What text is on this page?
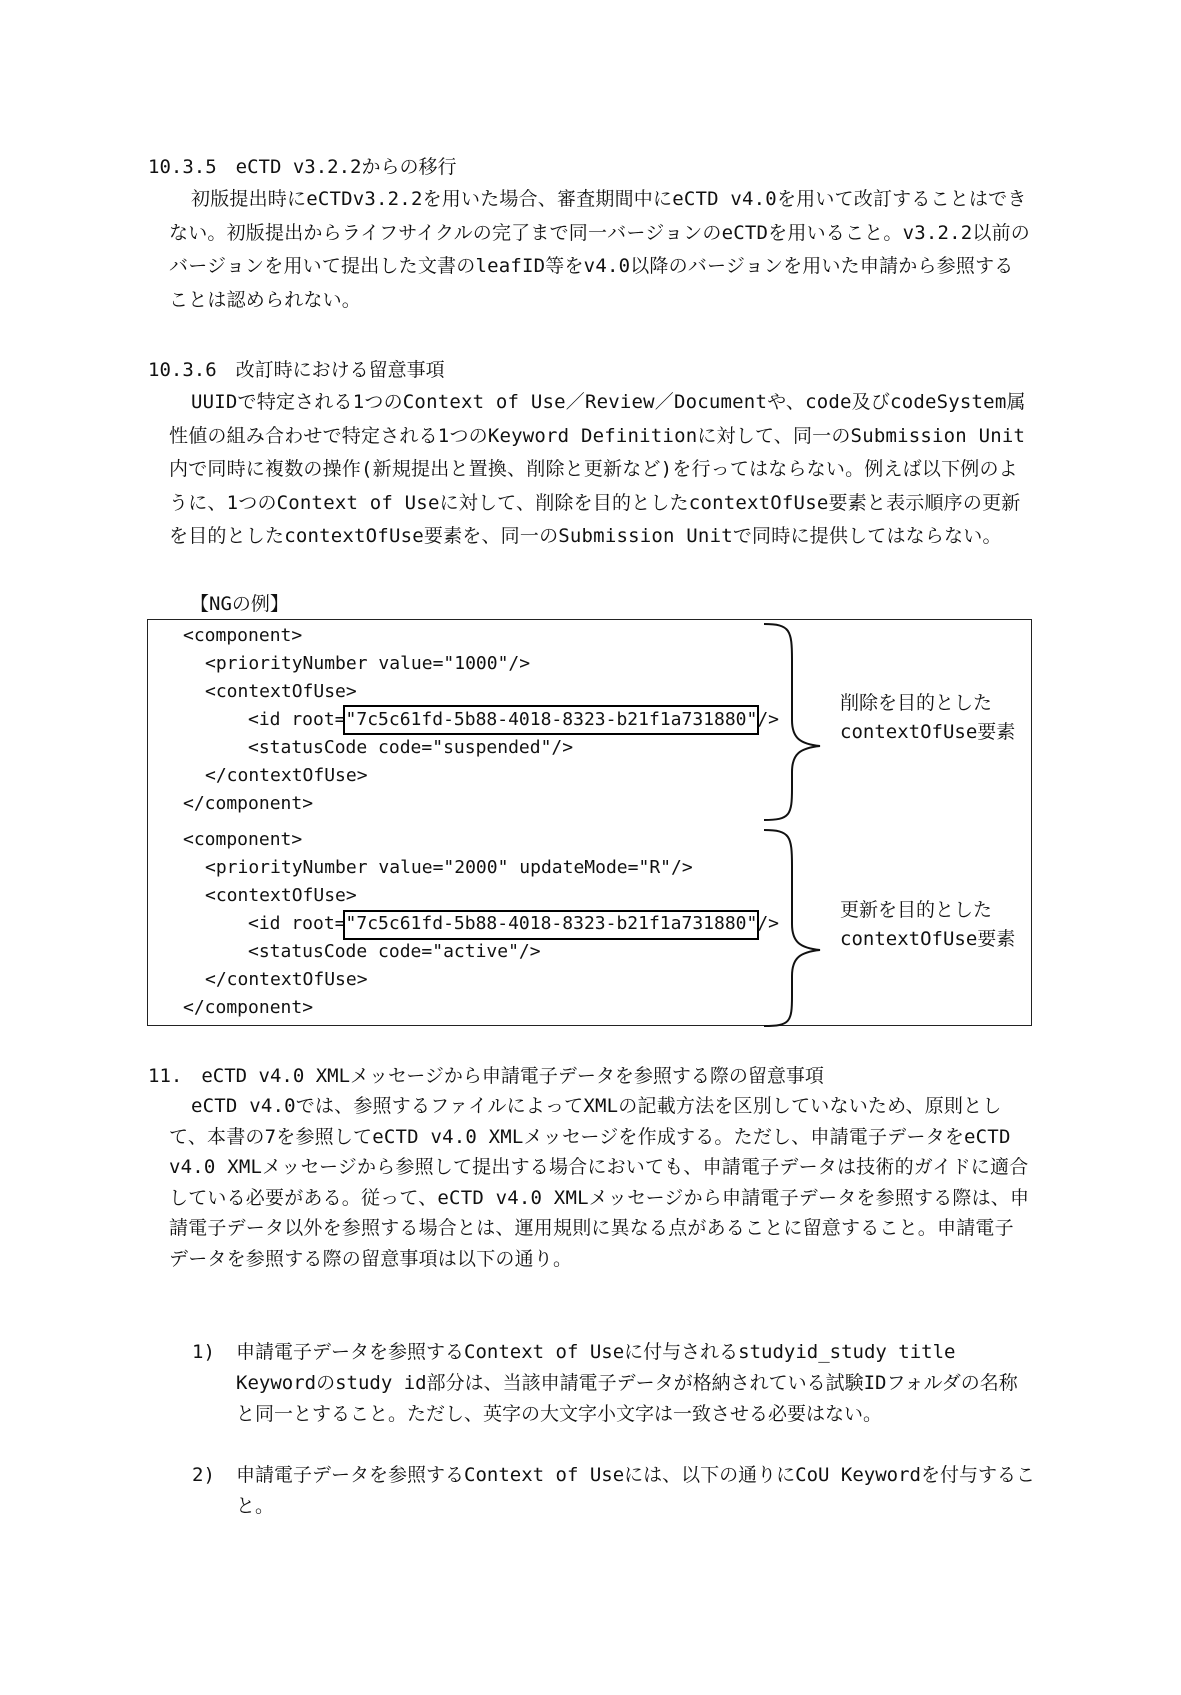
10.3.5　eCTD v3.2.2からの移行
初版提出時にeCTDv3.2.2を用いた場合、審査期間中にeCTD v4.0を用いて改訂することはできない。初版提出からライフサイクルの完了まで同一バージョンのeCTDを用いること。v3.2.2以前のバージョンを用いて提出した文書のleafID等をv4.0以降のバージョンを用いた申請から参照することは認められない。
10.3.6　改訂時における留意事項
UUIDで特定される1つのContext of Use／Review／Documentや、code及びcodeSystem属性値の組み合わせで特定される1つのKeyword Definitionに対して、同一のSubmission Unit内で同時に複数の操作(新規提出と置換、削除と更新など)を行ってはならない。例えば以下例のように、1つのContext of Useに対して、削除を目的としたcontextOfUse要素と表示順序の更新を目的としたcontextOfUse要素を、同一のSubmission Unitで同時に提供してはならない。
【NGの例】
<component>
<priorityNumber value="1000"/>
<contextOfUse>
<id root="7c5c61fd-5b88-4018-8323-b21f1a731880"/>
<statusCode code="suspended"/>
</contextOfUse>
</component>
<component>
<priorityNumber value="2000" updateMode="R"/>
<contextOfUse>
<id root="7c5c61fd-5b88-4018-8323-b21f1a731880"/>
<statusCode code="active"/>
</contextOfUse>
</component>
削除を目的とした
contextOfUse要素
更新を目的とした
contextOfUse要素
11.　eCTD v4.0 XMLメッセージから申請電子データを参照する際の留意事項
eCTD v4.0では、参照するファイルによってXMLの記載方法を区別していないため、原則として、本書の7を参照してeCTD v4.0 XMLメッセージを作成する。ただし、申請電子データをeCTD v4.0 XMLメッセージから参照して提出する場合においても、申請電子データは技術的ガイドに適合している必要がある。従って、eCTD v4.0 XMLメッセージから申請電子データを参照する際は、申請電子データ以外を参照する場合とは、運用規則に異なる点があることに留意すること。申請電子データを参照する際の留意事項は以下の通り。
1) 申請電子データを参照するContext of Useに付与されるstudyid_study title Keywordのstudy id部分は、当該申請電子データが格納されている試験IDフォルダの名称と同一とすること。ただし、英字の大文字小文字は一致させる必要はない。
2) 申請電子データを参照するContext of Useには、以下の通りにCoU Keywordを付与すること。
